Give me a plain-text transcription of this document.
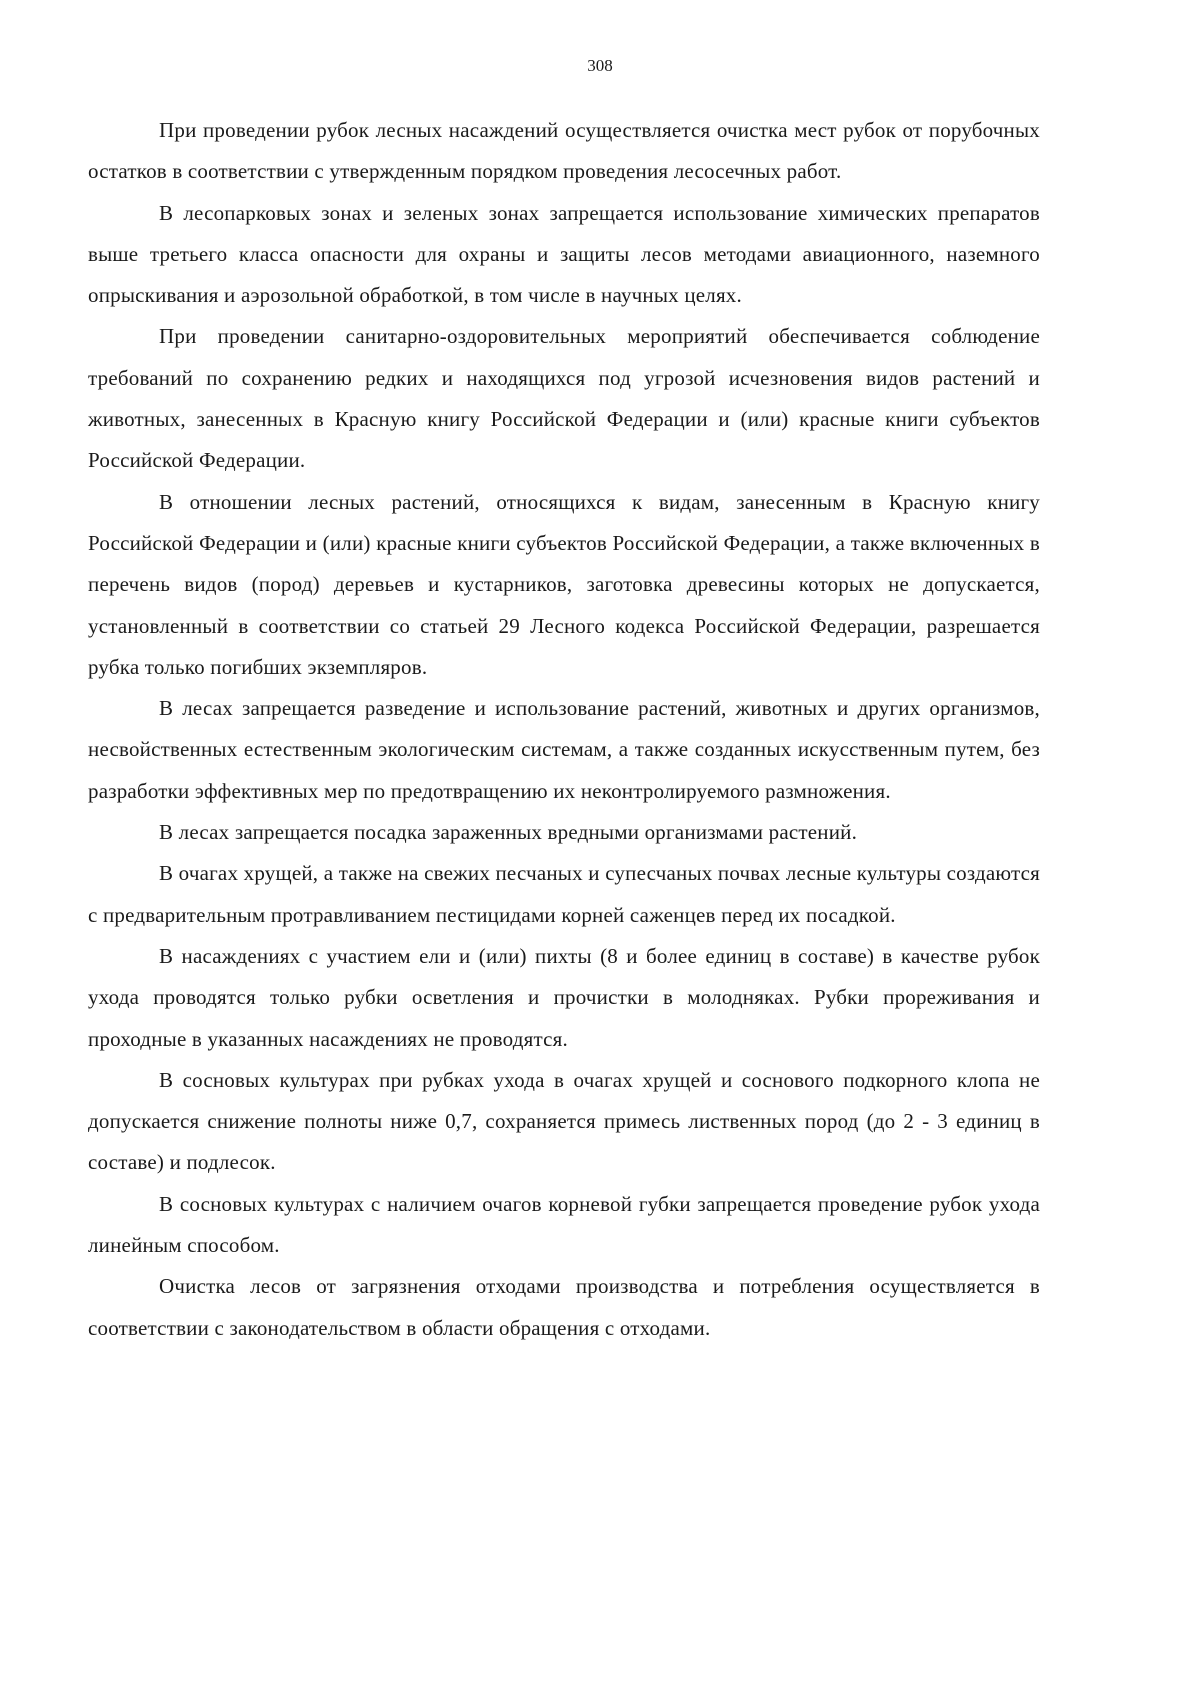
308

При проведении рубок лесных насаждений осуществляется очистка мест рубок от порубочных остатков в соответствии с утвержденным порядком проведения лесосечных работ.

В лесопарковых зонах и зеленых зонах запрещается использование химических препаратов выше третьего класса опасности для охраны и защиты лесов методами авиационного, наземного опрыскивания и аэрозольной обработкой, в том числе в научных целях.

При проведении санитарно-оздоровительных мероприятий обеспечивается соблюдение требований по сохранению редких и находящихся под угрозой исчезновения видов растений и животных, занесенных в Красную книгу Российской Федерации и (или) красные книги субъектов Российской Федерации.

В отношении лесных растений, относящихся к видам, занесенным в Красную книгу Российской Федерации и (или) красные книги субъектов Российской Федерации, а также включенных в перечень видов (пород) деревьев и кустарников, заготовка древесины которых не допускается, установленный в соответствии со статьей 29 Лесного кодекса Российской Федерации, разрешается рубка только погибших экземпляров.

В лесах запрещается разведение и использование растений, животных и других организмов, несвойственных естественным экологическим системам, а также созданных искусственным путем, без разработки эффективных мер по предотвращению их неконтролируемого размножения.

В лесах запрещается посадка зараженных вредными организмами растений.

В очагах хрущей, а также на свежих песчаных и супесчаных почвах лесные культуры создаются с предварительным протравливанием пестицидами корней саженцев перед их посадкой.

В насаждениях с участием ели и (или) пихты (8 и более единиц в составе) в качестве рубок ухода проводятся только рубки осветления и прочистки в молодняках. Рубки прореживания и проходные в указанных насаждениях не проводятся.

В сосновых культурах при рубках ухода в очагах хрущей и соснового подкорного клопа не допускается снижение полноты ниже 0,7, сохраняется примесь лиственных пород (до 2 - 3 единиц в составе) и подлесок.

В сосновых культурах с наличием очагов корневой губки запрещается проведение рубок ухода линейным способом.

Очистка лесов от загрязнения отходами производства и потребления осуществляется в соответствии с законодательством в области обращения с отходами.
